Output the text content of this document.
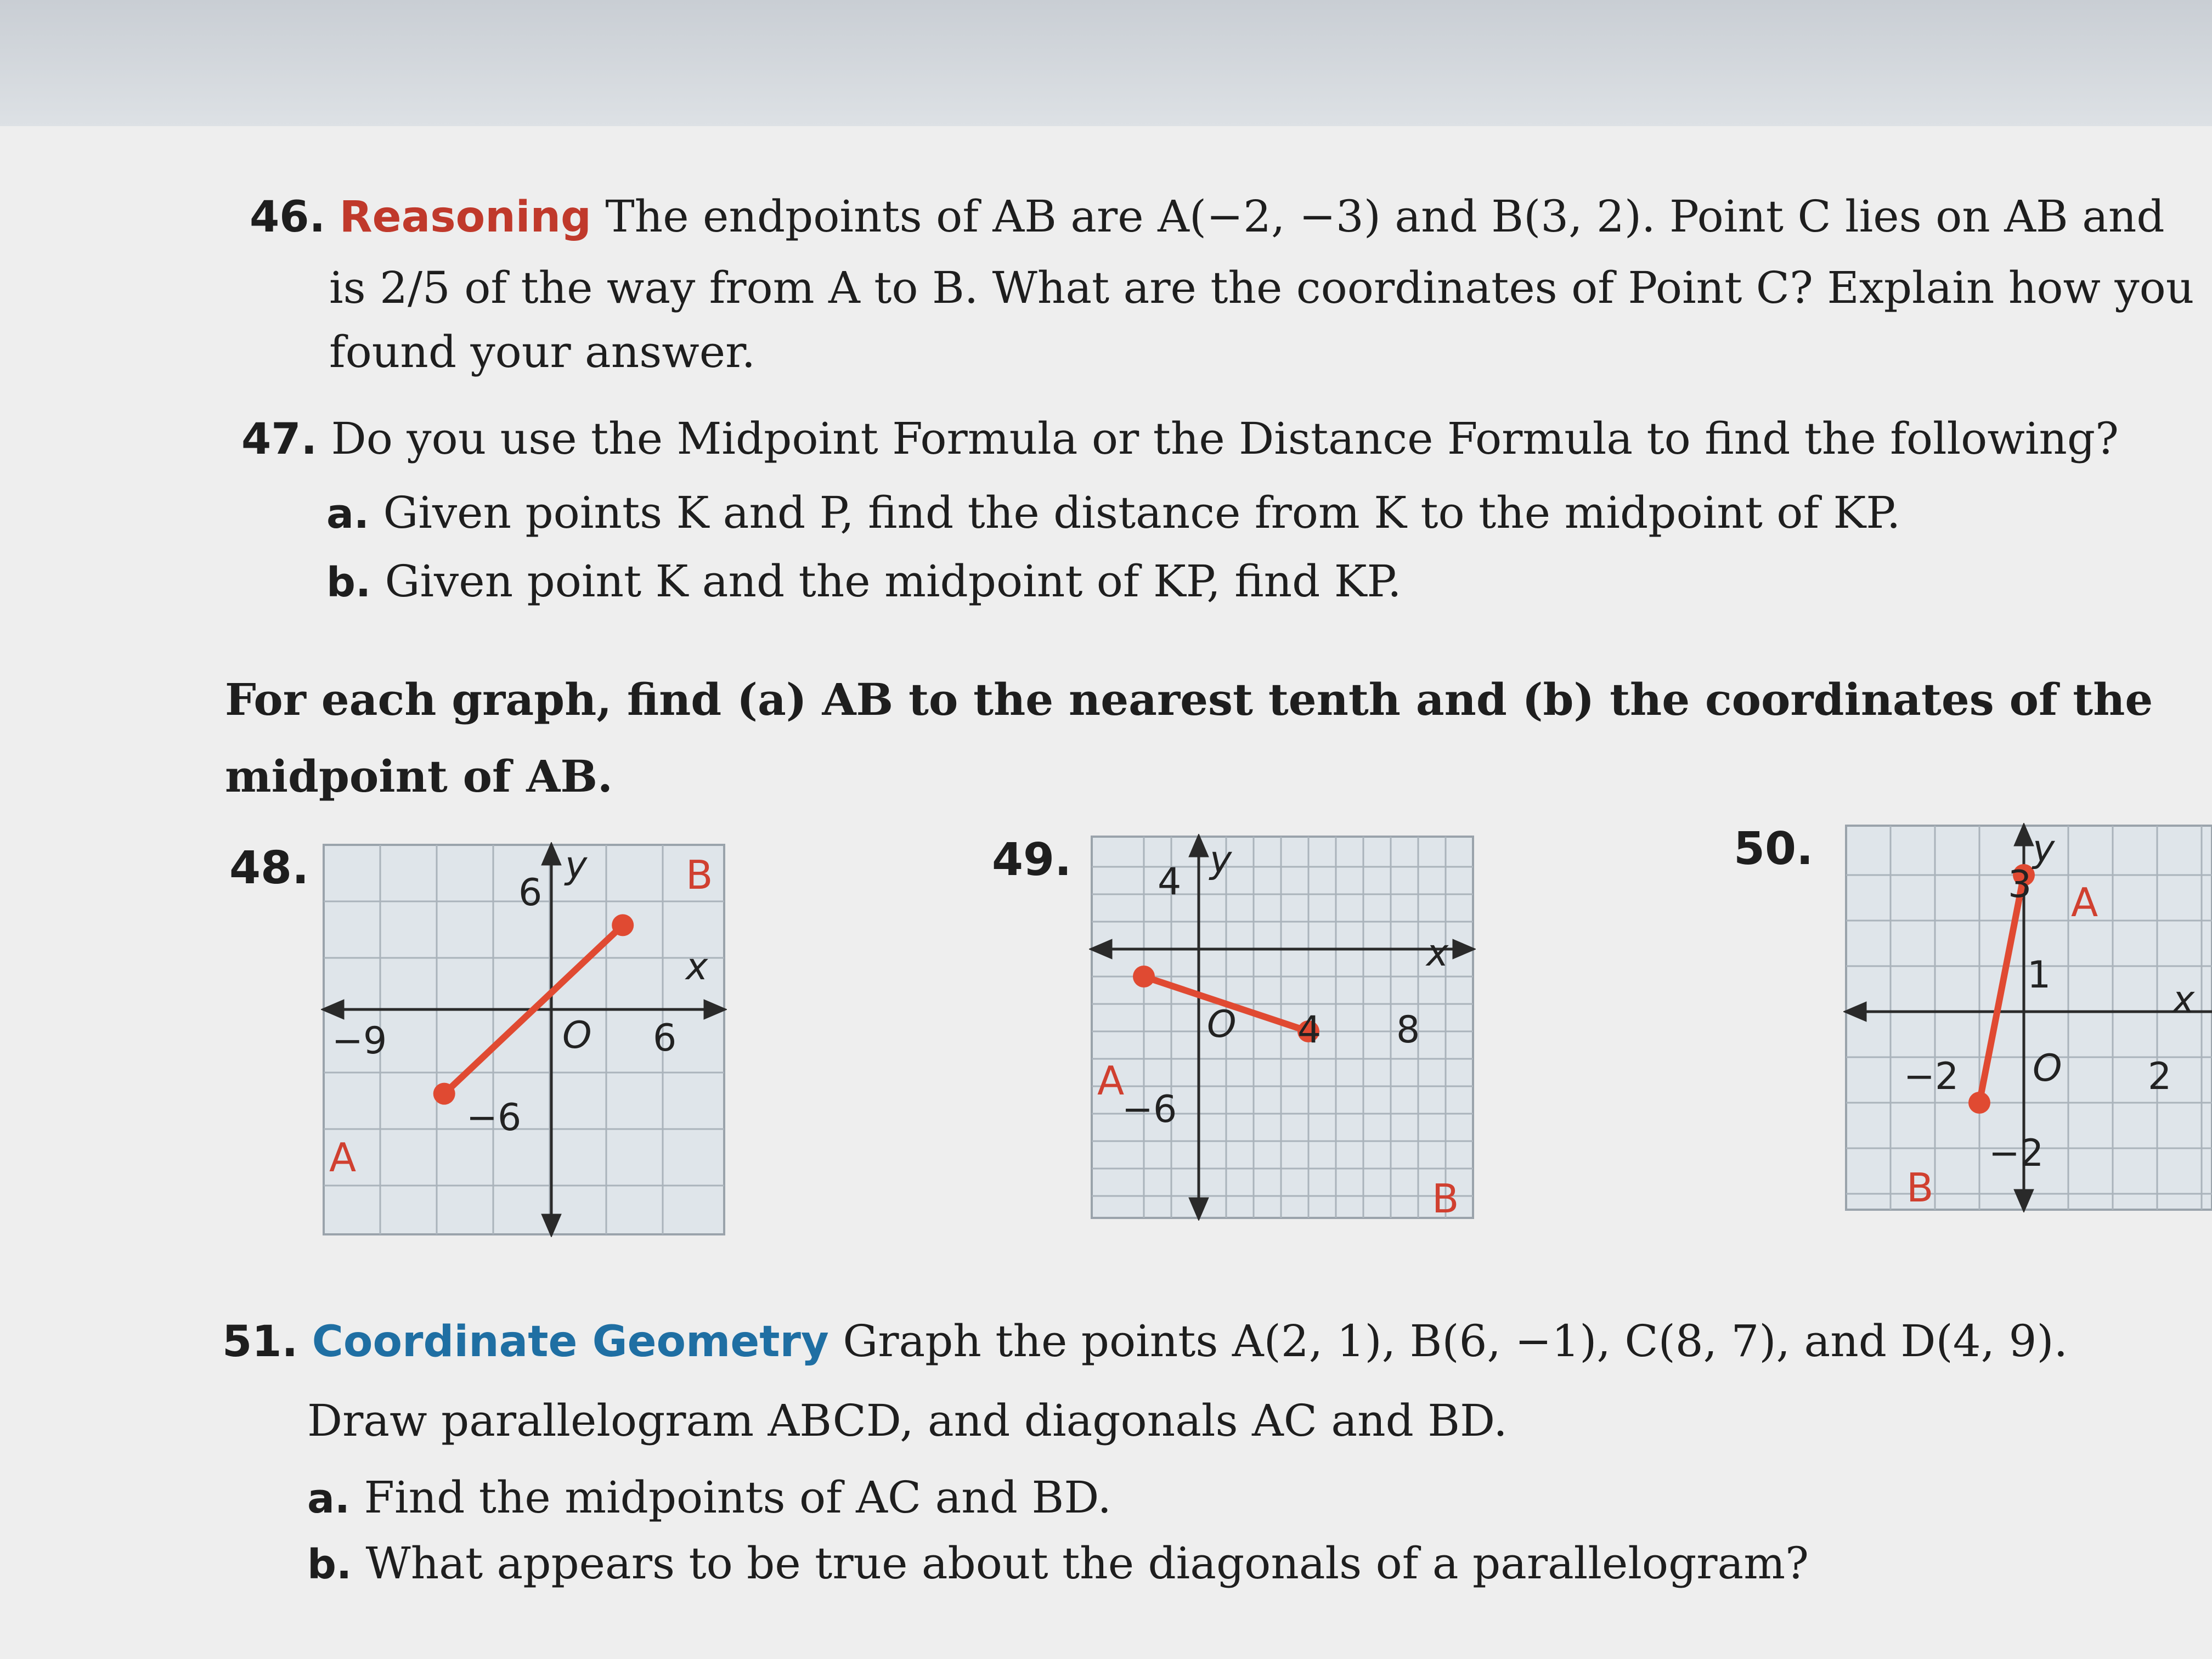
46. Reasoning The endpoints of AB are A(−2, −3) and B(3, 2). Point C lies on AB and
is 2/5 of the way from A to B. What are the coordinates of Point C? Explain how you
found your answer.
47. Do you use the Midpoint Formula or the Distance Formula to find the following?
a. Given points K and P, find the distance from K to the midpoint of KP.
b. Given point K and the midpoint of KP, find KP.
For each graph, find (a) AB to the nearest tenth and (b) the coordinates of the
midpoint of AB.
48.	6
y
x
−9	O 6
−6
A
B	49. 4
y
x
O 4 8
−6
A
B
50.
3
y
A
1
x
−2 O 2
−2
B
51. Coordinate Geometry Graph the points A(2, 1), B(6, −1), C(8, 7), and D(4, 9).
Draw parallelogram ABCD, and diagonals AC and BD.
a. Find the midpoints of AC and BD.
b. What appears to be true about the diagonals of a parallelogram?
